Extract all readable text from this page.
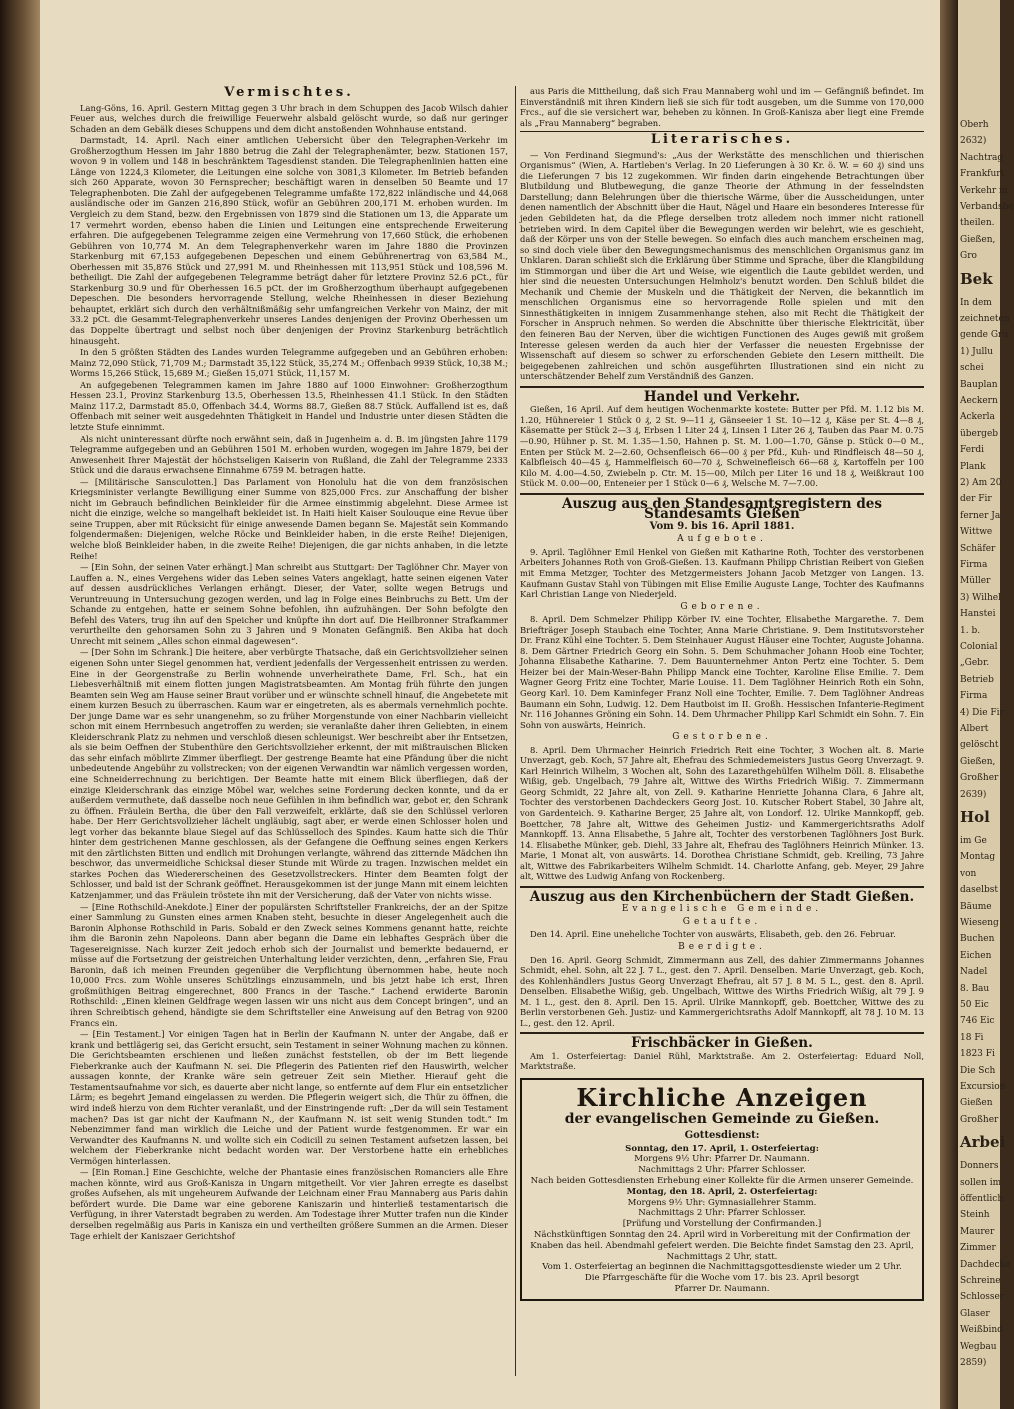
Vermischtes.

Lang-Göns, 16. April. Gestern Mittag gegen 3 Uhr brach in dem Schuppen des Jacob Wilsch dahier Feuer aus, welches durch die freiwillige Feuerwehr alsbald gelöscht wurde, so daß nur geringer Schaden an dem Gebälk dieses Schuppens und dem dicht anstoßenden Wohnhause entstand.

Darmstadt, 14. April. Nach einer amtlichen Uebersicht über den Telegraphen-Verkehr im Großherzogthum Hessen im Jahr 1880 betrug die Zahl der Telegraphenämter, bezw. Stationen 157, wovon 9 in vollem und 148 in beschränktem Tagesdienst standen. Die Telegraphenlinien hatten eine Länge von 1224,3 Kilometer, die Leitungen eine solche von 3081,3 Kilometer. Im Betrieb befanden sich 260 Apparate, wovon 30 Fernsprecher; beschäftigt waren in denselben 50 Beamte und 17 Telegraphenboten. Die Zahl der aufgegebenen Telegramme umfaßte 172,822 inländische und 44,068 ausländische oder im Ganzen 216,890 Stück, wofür an Gebühren 200,171 M. erhoben wurden. Im Vergleich zu dem Stand, bezw. den Ergebnissen von 1879 sind die Stationen um 13, die Apparate um 17 vermehrt worden, ebenso haben die Linien und Leitungen eine entsprechende Erweiterung erfahren. Die aufgegebenen Telegramme zeigen eine Vermehrung von 17,660 Stück, die erhobenen Gebühren von 10,774 M. An dem Telegraphenverkehr waren im Jahre 1880 die Provinzen Starkenburg mit 67,153 aufgegebenen Depeschen und einem Gebührenertrag von 63,584 M., Oberhessen mit 35,876 Stück und 27,991 M. und Rheinhessen mit 113,951 Stück und 108,596 M. betheiligt. Die Zahl der aufgegebenen Telegramme beträgt daher für letztere Provinz 52.6 pCt., für Starkenburg 30.9 und für Oberhessen 16.5 pCt. der im Großherzogthum überhaupt aufgegebenen Depeschen. Die besonders hervorragende Stellung, welche Rheinhessen in dieser Beziehung behauptet, erklärt sich durch den verhältnißmäßig sehr umfangreichen Verkehr von Mainz, der mit 33.2 pCt. die Gesammt-Telegraphenverkehr unseres Landes denjenigen der Provinz Oberhessen um das Doppelte übertragt und selbst noch über denjenigen der Provinz Starkenburg beträchtlich hinausgeht.

In den 5 größten Städten des Landes wurden Telegramme aufgegeben und an Gebühren erhoben: Mainz 72,090 Stück, 71,709 M.; Darmstadt 35,122 Stück, 35,274 M.; Offenbach 9939 Stück, 10,38 M.; Worms 15,266 Stück, 15,689 M.; Gießen 15,071 Stück, 11,157 M.

An aufgegebenen Telegrammen kamen im Jahre 1880 auf 1000 Einwohner: Großherzogthum Hessen 23.1, Provinz Starkenburg 13.5, Oberhessen 13.5, Rheinhessen 41.1 Stück. In den Städten Mainz 117.2, Darmstadt 85.0, Offenbach 34.4, Worms 88.7, Gießen 88.7 Stück. Auffallend ist es, daß Offenbach mit seiner weit ausgedehnten Thätigkeit in Handel und Industrie unter diesen Städten die letzte Stufe einnimmt.

Als nicht uninteressant dürfte noch erwähnt sein, daß in Jugenheim a. d. B. im jüngsten Jahre 1179 Telegramme aufgegeben und an Gebühren 1501 M. erhoben wurden, wogegen im Jahre 1879, bei der Anwesenheit Ihrer Majestät der höchstseligen Kaiserin von Rußland, die Zahl der Telegramme 2333 Stück und die daraus erwachsene Einnahme 6759 M. betragen hatte.

— [Militärische Sansculotten.] Das Parlament von Honolulu hat die von dem französischen Kriegsminister verlangte Bewilligung einer Summe von 825,000 Frcs. zur Anschaffung der bisher nicht im Gebrauch befindlichen Beinkleider für die Armee einstimmig abgelehnt. Diese Armee ist nicht die einzige, welche so mangelhaft bekleidet ist. In Haiti hielt Kaiser Soulouque eine Revue über seine Truppen, aber mit Rücksicht für einige anwesende Damen begann Se. Majestät sein Kommando folgendermaßen: Diejenigen, welche Röcke und Beinkleider haben, in die erste Reihe! Diejenigen, welche bloß Beinkleider haben, in die zweite Reihe! Diejenigen, die gar nichts anhaben, in die letzte Reihe!

— [Ein Sohn, der seinen Vater erhängt.] Man schreibt aus Stuttgart: Der Taglöhner Chr. Mayer von Lauffen a. N., eines Vergehens wider das Leben seines Vaters angeklagt, hatte seinen eigenen Vater auf dessen ausdrückliches Verlangen erhängt. Dieser, der Vater, sollte wegen Betrugs und Veruntreuung in Untersuchung gezogen werden, und lag in Folge eines Beinbruchs zu Bett. Um der Schande zu entgehen, hatte er seinem Sohne befohlen, ihn aufzuhängen. Der Sohn befolgte den Befehl des Vaters, trug ihn auf den Speicher und knüpfte ihn dort auf. Die Heilbronner Strafkammer verurtheilte den gehorsamen Sohn zu 3 Jahren und 9 Monaten Gefängniß. Ben Akiba hat doch Unrecht mit seinem „Alles schon einmal dagewesen“.

— [Der Sohn im Schrank.] Die heitere, aber verbürgte Thatsache, daß ein Gerichtsvollzieher seinen eigenen Sohn unter Siegel genommen hat, verdient jedenfalls der Vergessenheit entrissen zu werden. Eine in der Georgenstraße zu Berlin wohnende unverheirathete Dame, Frl. Sch., hat ein Liebesverhältniß mit einem flotten jungen Magistratsbeamten. Am Montag früh führte den jungen Beamten sein Weg am Hause seiner Braut vorüber und er wünschte schnell hinauf, die Angebetete mit einem kurzen Besuch zu überraschen. Kaum war er eingetreten, als es abermals vernehmlich pochte. Der junge Dame war es sehr unangenehm, so zu früher Morgenstunde von einer Nachbarin vielleicht schon mit einem Herrnbesuch angetroffen zu werden; sie veranlaßte daher ihren Geliebten, in einem Kleiderschrank Platz zu nehmen und verschloß diesen schleunigst. Wer beschreibt aber ihr Entsetzen, als sie beim Oeffnen der Stubenthüre den Gerichtsvollzieher erkennt, der mit mißtrauischen Blicken das sehr einfach möblirte Zimmer überfliegt. Der gestrenge Beamte hat eine Pfändung über die nicht unbedeutende Angebühr zu vollstrecken; von der eigenen Verwandtin war nämlich vergessen worden, eine Schneiderrechnung zu berichtigen. Der Beamte hatte mit einem Blick überfliegen, daß der einzige Kleiderschrank das einzige Möbel war, welches seine Forderung decken konnte, und da er außerdem vermuthete, daß dasselbe noch neue Gefühlen in ihm befindlich war, gebot er, den Schrank zu öffnen. Fräulein Bertha, die über den Fall verzweifelt, erklärte, daß sie den Schlüssel verloren habe. Der Herr Gerichtsvollzieher lächelt ungläubig, sagt aber, er werde einen Schlosser holen und legt vorher das bekannte blaue Siegel auf das Schlüsselloch des Spindes. Kaum hatte sich die Thür hinter dem gestrichenen Manne geschlossen, als der Gefangene die Oeffnung seines engen Kerkers mit den zärtlichsten Bitten und endlich mit Drohungen verlangte, während das zitternde Mädchen ihn beschwor, das unvermeidliche Schicksal dieser Stunde mit Würde zu tragen. Inzwischen meldet ein starkes Pochen das Wiedererscheinen des Gesetzvollstreckers. Hinter dem Beamten folgt der Schlosser, und bald ist der Schrank geöffnet. Herausgekommen ist der junge Mann mit einem leichten Katzenjammer, und das Fräulein tröstete ihn mit der Versicherung, daß der Vater von nichts wisse.

— [Eine Rothschild-Anekdote.] Einer der populärsten Schriftsteller Frankreichs, der an der Spitze einer Sammlung zu Gunsten eines armen Knaben steht, besuchte in dieser Angelegenheit auch die Baronin Alphonse Rothschild in Paris. Sobald er den Zweck seines Kommens genannt hatte, reichte ihm die Baronin zehn Napoleons. Dann aber begann die Dame ein lebhaftes Gespräch über die Tagesereignisse. Nach kurzer Zeit jedoch erhob sich der Journalist und bemerkte bedauernd, er müsse auf die Fortsetzung der geistreichen Unterhaltung leider verzichten, denn, „erfahren Sie, Frau Baronin, daß ich meinen Freunden gegenüber die Verpflichtung übernommen habe, heute noch 10,000 Frcs. zum Wohle unseres Schützlings einzusammeln, und bis jetzt habe ich erst, Ihren großmüthigen Beitrag eingerechnet, 800 Francs in der Tasche.“ Lachend erwiderte Baronin Rothschild: „Einen kleinen Geldfrage wegen lassen wir uns nicht aus dem Concept bringen“, und an ihren Schreibtisch gehend, händigte sie dem Schriftsteller eine Anweisung auf den Betrag von 9200 Francs ein.

— [Ein Testament.] Vor einigen Tagen hat in Berlin der Kaufmann N. unter der Angabe, daß er krank und bettlägerig sei, das Gericht ersucht, sein Testament in seiner Wohnung machen zu können. Die Gerichtsbeamten erschienen und ließen zunächst feststellen, ob der im Bett liegende Fieberkranke auch der Kaufmann N. sei. Die Pflegerin des Patienten rief den Hauswirth, welcher aussagen konnte, der Kranke wäre sein getreuer Zeit sein Miether. Hierauf geht die Testamentsaufnahme vor sich, es dauerte aber nicht lange, so entfernte auf dem Flur ein entsetzlicher Lärm; es begehrt Jemand eingelassen zu werden. Die Pflegerin weigert sich, die Thür zu öffnen, die wird indeß hierzu von dem Richter veranlaßt, und der Einstringende ruft: „Der da will sein Testament machen? Das ist gar nicht der Kaufmann N., der Kaufmann N. ist seit wenig Stunden todt.“ Im Nebenzimmer fand man wirklich die Leiche und der Patient wurde festgenommen. Er war ein Verwandter des Kaufmanns N. und wollte sich ein Codicill zu seinen Testament aufsetzen lassen, bei welchem der Fieberkranke nicht bedacht worden war. Der Verstorbene hatte ein erhebliches Vermögen hinterlassen.

— [Ein Roman.] Eine Geschichte, welche der Phantasie eines französischen Romanciers alle Ehre machen könnte, wird aus Groß-Kanisza in Ungarn mitgetheilt. Vor vier Jahren erregte es daselbst großes Aufsehen, als mit ungeheurem Aufwande der Leichnam einer Frau Mannaberg aus Paris dahin befördert wurde. Die Dame war eine geborene Kaniszarin und hinterließ testamentarisch die Verfügung, in ihrer Vaterstadt begraben zu werden. Am Todestage ihrer Mutter trafen nun die Kinder derselben regelmäßig aus Paris in Kanisza ein und vertheilten größere Summen an die Armen. Dieser Tage erhielt der Kaniszaer Gerichtshof

aus Paris die Mittheilung, daß sich Frau Mannaberg wohl und im — Gefängniß befindet. Im Einverständniß mit ihren Kindern ließ sie sich für todt ausgeben, um die Summe von 170,000 Frcs., auf die sie versichert war, beheben zu können. In Groß-Kanisza aber liegt eine Fremde als „Frau Mannaberg“ begraben.

Literarisches.

— Von Ferdinand Siegmund's: „Aus der Werkstätte des menschlichen und thierischen Organismus“ (Wien, A. Hartleben's Verlag. In 20 Lieferungen à 30 Kr. ö. W. = 60 ₰) sind uns die Lieferungen 7 bis 12 zugekommen. Wir finden darin eingehende Betrachtungen über Blutbildung und Blutbewegung, die ganze Theorie der Athmung in der fesselndsten Darstellung; dann Belehrungen über die thierische Wärme, über die Ausscheidungen, unter denen namentlich der Abschnitt über die Haut, Nägel und Haare ein besonderes Interesse für jeden Gebildeten hat, da die Pflege derselben trotz alledem noch immer nicht rationell betrieben wird. In dem Capitel über die Bewegungen werden wir belehrt, wie es geschieht, daß der Körper uns von der Stelle bewegen. So einfach dies auch manchem erscheinen mag, so sind doch viele über den Bewegungsmechanismus des menschlichen Organismus ganz im Unklaren. Daran schließt sich die Erklärung über Stimme und Sprache, über die Klangbildung im Stimmorgan und über die Art und Weise, wie eigentlich die Laute gebildet werden, und hier sind die neuesten Untersuchungen Helmholz's benutzt worden. Den Schluß bildet die Mechanik und Chemie der Muskeln und die Thätigkeit der Nerven, die bekanntlich im menschlichen Organismus eine so hervorragende Rolle spielen und mit den Sinnesthätigkeiten in innigem Zusammenhange stehen, also mit Recht die Thätigkeit der Forscher in Anspruch nehmen. So werden die Abschnitte über thierische Elektricität, über den feineren Bau der Nerven, über die wichtigen Functionen des Auges gewiß mit großem Interesse gelesen werden da auch hier der Verfasser die neuesten Ergebnisse der Wissenschaft auf diesem so schwer zu erforschenden Gebiete den Lesern mittheilt. Die beigegebenen zahlreichen und schön ausgeführten Illustrationen sind ein nicht zu unterschätzender Behelf zum Verständniß des Ganzen.

Handel und Verkehr.

Gießen, 16 April. Auf dem heutigen Wochenmarkte kostete: Butter per Pfd. M. 1.12 bis M. 1.20, Hühnereier 1 Stück 0 ₰, 2 St. 9—11 ₰, Gänseeier 1 St. 10—12 ₰, Käse per St. 4—8 ₰, Käsematte per Stück 2—3 ₰, Erbsen 1 Liter 24 ₰, Linsen 1 Liter 26 ₰, Tauben das Paar M. 0.75—0.90, Hühner p. St. M. 1.35—1.50, Hahnen p. St. M. 1.00—1.70, Gänse p. Stück 0—0 M., Enten per Stück M. 2—2.60, Ochsenfleisch 66—00 ₰ per Pfd., Kuh- und Rindfleisch 48—50 ₰, Kalbfleisch 40—45 ₰, Hammelfleisch 60—70 ₰, Schweinefleisch 66—68 ₰, Kartoffeln per 100 Kilo M. 4.00—4.50, Zwiebeln p. Ctr. M. 15—00, Milch per Liter 16 und 18 ₰, Weißkraut 100 Stück M. 0.00—00, Enteneier per 1 Stück 0—6 ₰, Welsche M. 7—7.00.

Auszug aus den Standesamtsregistern des Standesamts Gießen
Vom 9. bis 16. April 1881.
Aufgebote.

9. April. Taglöhner Emil Henkel von Gießen mit Katharine Roth, Tochter des verstorbenen Arbeiters Johannes Roth von Groß-Gießen. 13. Kaufmann Philipp Christian Reibert von Gießen mit Emma Metzger, Tochter des Metzgermeisters Johann Jacob Metzger von Langen. 13. Kaufmann Gustav Stahl von Tübingen mit Elise Emilie Auguste Lange, Tochter des Kaufmanns Karl Christian Lange von Niederjeld.

Geborene.

8. April. Dem Schmelzer Philipp Körber IV. eine Tochter, Elisabethe Margarethe. 7. Dem Briefträger Joseph Staubach eine Tochter, Anna Marie Christiane. 9. Dem Institutsvorsteher Dr. Franz Kühl eine Tochter. 5. Dem Steinhauer August Häuser eine Tochter, Auguste Johanna. 8. Dem Gärtner Friedrich Georg ein Sohn. 5. Dem Schuhmacher Johann Hoob eine Tochter, Johanna Elisabethe Katharine. 7. Dem Bauunternehmer Anton Pertz eine Tochter. 5. Dem Heizer bei der Main-Weser-Bahn Philipp Manck eine Tochter, Karoline Elise Emilie. 7. Dem Wagner Georg Fritz eine Tochter, Marie Louise. 11. Dem Taglöhner Heinrich Roth ein Sohn, Georg Karl. 10. Dem Kaminfeger Franz Noll eine Tochter, Emilie. 7. Dem Taglöhner Andreas Baumann ein Sohn, Ludwig. 12. Dem Hautboist im II. Großh. Hessischen Infanterie-Regiment Nr. 116 Johannes Gröning ein Sohn. 14. Dem Uhrmacher Philipp Karl Schmidt ein Sohn. 7. Ein Sohn von auswärts, Heinrich.

Gestorbene.

8. April. Dem Uhrmacher Heinrich Friedrich Reit eine Tochter, 3 Wochen alt. 8. Marie Unverzagt, geb. Koch, 57 Jahre alt, Ehefrau des Schmiedemeisters Justus Georg Unverzagt. 9. Karl Heinrich Wilhelm, 3 Wochen alt, Sohn des Lazarethgehülfen Wilhelm Döll. 8. Elisabethe Wißig, geb. Ungelbach, 79 Jahre alt, Wittwe des Wirths Friedrich Wißig. 7. Zimmermann Georg Schmidt, 22 Jahre alt, von Zell. 9. Katharine Henriette Johanna Clara, 6 Jahre alt, Tochter des verstorbenen Dachdeckers Georg Jost. 10. Kutscher Robert Stabel, 30 Jahre alt, von Gardenteich. 9. Katharine Berger, 25 Jahre alt, von Londorf. 12. Ulrike Mannkopff, geb. Boettcher, 78 Jahre alt, Wittwe des Geheimen Justiz- und Kammergerichtsraths Adolf Mannkopff. 13. Anna Elisabethe, 5 Jahre alt, Tochter des verstorbenen Taglöhners Jost Burk. 14. Elisabethe Münker, geb. Diehl, 33 Jahre alt, Ehefrau des Taglöhners Heinrich Münker. 13. Marie, 1 Monat alt, von auswärts. 14. Dorothea Christiane Schmidt, geb. Kreiling, 73 Jahre alt, Wittwe des Fabrikarbeiters Wilhelm Schmidt. 14. Charlotte Anfang, geb. Meyer, 29 Jahre alt, Wittwe des Ludwig Anfang von Rockenberg.

Auszug aus den Kirchenbüchern der Stadt Gießen.
Evangelische Gemeinde.
Getaufte.

Den 14. April. Eine uneheliche Tochter von auswärts, Elisabeth, geb. den 26. Februar.

Beerdigte.

Den 16. April. Georg Schmidt, Zimmermann aus Zell, des dahier Zimmermanns Johannes Schmidt, ehel. Sohn, alt 22 J. 7 L., gest. den 7. April. Denselben. Marie Unverzagt, geb. Koch, des Kohlenhändlers Justus Georg Unverzagt Ehefrau, alt 57 J. 8 M. 5 L., gest. den 8. April. Denselben. Elisabethe Wißig, geb. Ungelbach, Wittwe des Wirths Friedrich Wißig, alt 79 J. 9 M. 1 L., gest. den 8. April. Den 15. April. Ulrike Mannkopff, geb. Boettcher, Wittwe des zu Berlin verstorbenen Geh. Justiz- und Kammergerichtsraths Adolf Mannkopff, alt 78 J. 10 M. 13 L., gest. den 12. April.

Frischbäcker in Gießen.

Am 1. Osterfeiertag: Daniel Rühl, Marktstraße. Am 2. Osterfeiertag: Eduard Noll, Marktstraße.

Kirchliche Anzeigen
der evangelischen Gemeinde zu Gießen.
Gottesdienst:
Sonntag, den 17. April, 1. Osterfeiertag:
Morgens 9½ Uhr: Pfarrer Dr. Naumann.
Nachmittags 2 Uhr: Pfarrer Schlosser.
Nach beiden Gottesdiensten Erhebung einer Kollekte für die Armen unserer Gemeinde.
Montag, den 18. April, 2. Osterfeiertag:
Morgens 9½ Uhr: Gymnasiallehrer Stamm.
Nachmittags 2 Uhr: Pfarrer Schlosser.
[Prüfung und Vorstellung der Confirmanden.]
Nächstkünftigen Sonntag den 24. April wird in Vorbereitung mit der Confirmation der Knaben das heil. Abendmahl gefeiert werden. Die Beichte findet Samstag den 23. April, Nachmittags 2 Uhr, statt.
Vom 1. Osterfeiertag an beginnen die Nachmittagsgottesdienste wieder um 2 Uhr.
Die Pfarrgeschäfte für die Woche vom 17. bis 23. April besorgt
Pfarrer Dr. Naumann.
Oberh
2632)
Nachtrag
Frankfurt
Verkehr m
Verbandsbe
theilen.
Gießen,
Gro
Bek
In dem
zeichneten
gende Gru
1) Jullu
schei
Bauplan
Aeckern
Ackerla
übergeb
Ferdi
Plank
2) Am 20
der Fir
ferner Ja
Wittwe
Schäfer
Firma
Müller
3) Wilhel
Hanstei
1. b.
Colonial
„Gebr.
Betrieb
Firma
4) Die Fir
Albert
gelöscht
Gießen,
Großher
2639)
Hol
im Ge
Montag
von
daselbst
Bäume
Wieseng
Buchen
Eichen
Nadel
8. Bau
50 Eic
746 Eic
18 Fi
1823 Fi
Die Sch
Excursion
Gießen
Großher
Arbei
Donners
sollen im
öffentlich
Steinh
Maurer
Zimmer
Dachdecke
Schreine
Schlosser
Glaser
Weißbind
Wegbau
2859)
